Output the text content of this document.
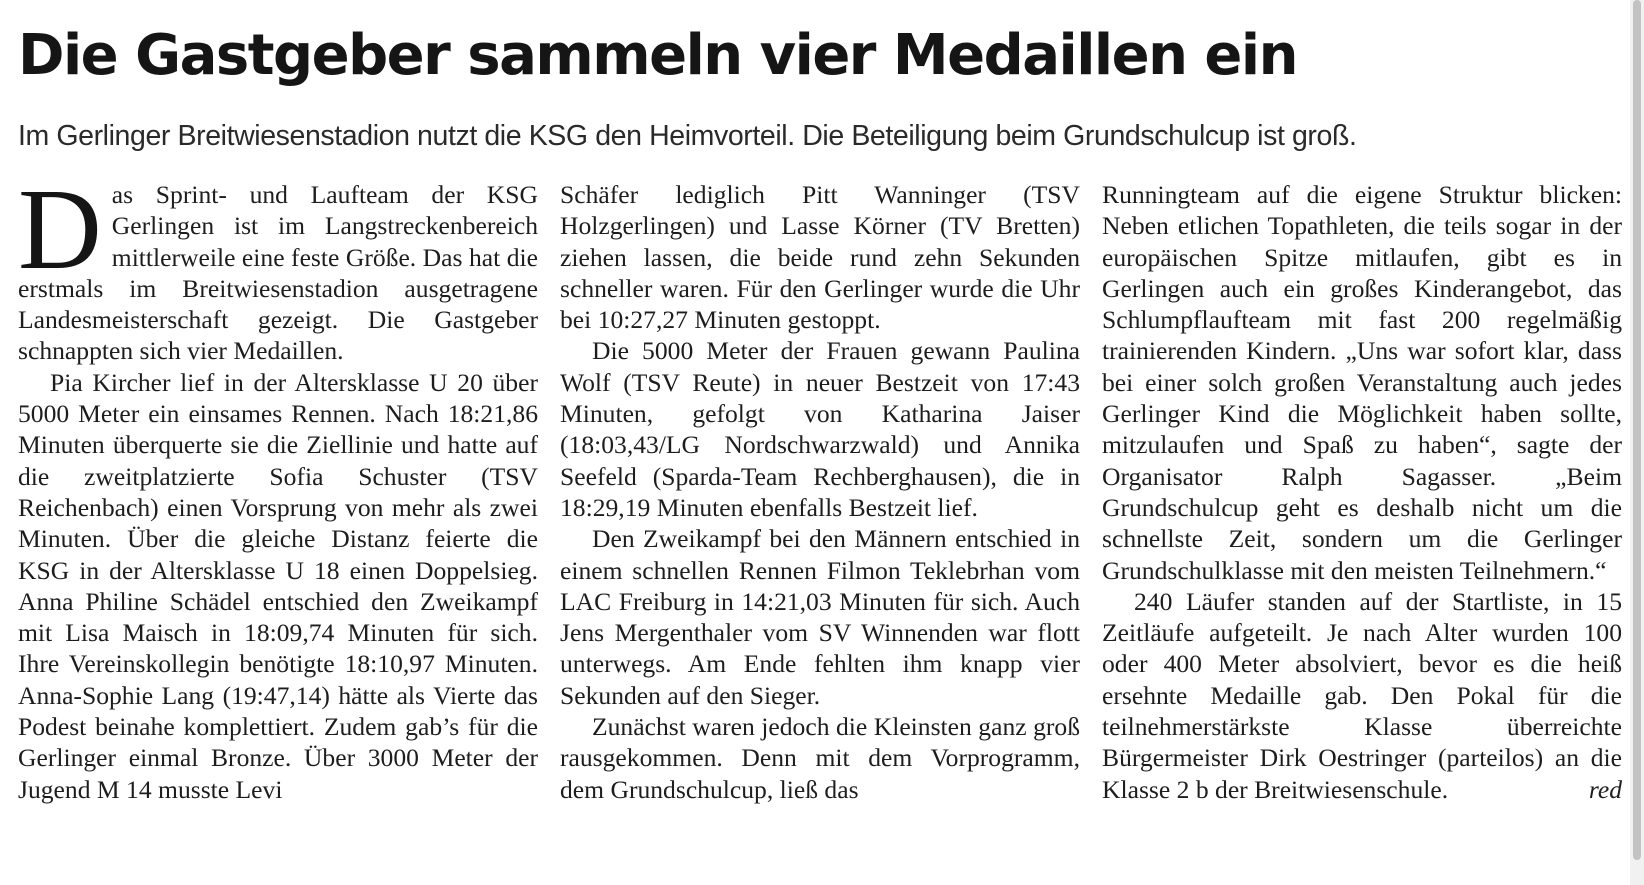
Die Gastgeber sammeln vier Medaillen ein

Im Gerlinger Breitwiesenstadion nutzt die KSG den Heimvorteil. Die Beteiligung beim Grundschulcup ist groß.

Das Sprint- und Laufteam der KSG Gerlingen ist im Langstreckenbereich mittlerweile eine feste Größe. Das hat die erstmals im Breitwiesenstadion ausgetragene Landesmeisterschaft gezeigt. Die Gastgeber schnappten sich vier Medaillen.

Pia Kircher lief in der Altersklasse U 20 über 5000 Meter ein einsames Rennen. Nach 18:21,86 Minuten überquerte sie die Ziellinie und hatte auf die zweitplatzierte Sofia Schuster (TSV Reichenbach) einen Vorsprung von mehr als zwei Minuten. Über die gleiche Distanz feierte die KSG in der Altersklasse U 18 einen Doppelsieg. Anna Philine Schädel entschied den Zweikampf mit Lisa Maisch in 18:09,74 Minuten für sich. Ihre Vereinskollegin benötigte 18:10,97 Minuten. Anna-Sophie Lang (19:47,14) hätte als Vierte das Podest beinahe komplettiert. Zudem gab’s für die Gerlinger einmal Bronze. Über 3000 Meter der Jugend M 14 musste Levi

Schäfer lediglich Pitt Wanninger (TSV Holzgerlingen) und Lasse Körner (TV Bretten) ziehen lassen, die beide rund zehn Sekunden schneller waren. Für den Gerlinger wurde die Uhr bei 10:27,27 Minuten gestoppt.

Die 5000 Meter der Frauen gewann Paulina Wolf (TSV Reute) in neuer Bestzeit von 17:43 Minuten, gefolgt von Katharina Jaiser (18:03,43/LG Nordschwarzwald) und Annika Seefeld (Sparda-Team Rechberghausen), die in 18:29,19 Minuten ebenfalls Bestzeit lief.

Den Zweikampf bei den Männern entschied in einem schnellen Rennen Filmon Teklebrhan vom LAC Freiburg in 14:21,03 Minuten für sich. Auch Jens Mergenthaler vom SV Winnenden war flott unterwegs. Am Ende fehlten ihm knapp vier Sekunden auf den Sieger.

Zunächst waren jedoch die Kleinsten ganz groß rausgekommen. Denn mit dem Vorprogramm, dem Grundschulcup, ließ das

Runningteam auf die eigene Struktur blicken: Neben etlichen Topathleten, die teils sogar in der europäischen Spitze mitlaufen, gibt es in Gerlingen auch ein großes Kinderangebot, das Schlumpflaufteam mit fast 200 regelmäßig trainierenden Kindern. „Uns war sofort klar, dass bei einer solch großen Veranstaltung auch jedes Gerlinger Kind die Möglichkeit haben sollte, mitzulaufen und Spaß zu haben“, sagte der Organisator Ralph Sagasser. „Beim Grundschulcup geht es deshalb nicht um die schnellste Zeit, sondern um die Gerlinger Grundschulklasse mit den meisten Teilnehmern.“

240 Läufer standen auf der Startliste, in 15 Zeitläufe aufgeteilt. Je nach Alter wurden 100 oder 400 Meter absolviert, bevor es die heiß ersehnte Medaille gab. Den Pokal für die teilnehmerstärkste Klasse überreichte Bürgermeister Dirk Oestringer (parteilos) an die Klasse 2 b der Breitwiesenschule.	red
